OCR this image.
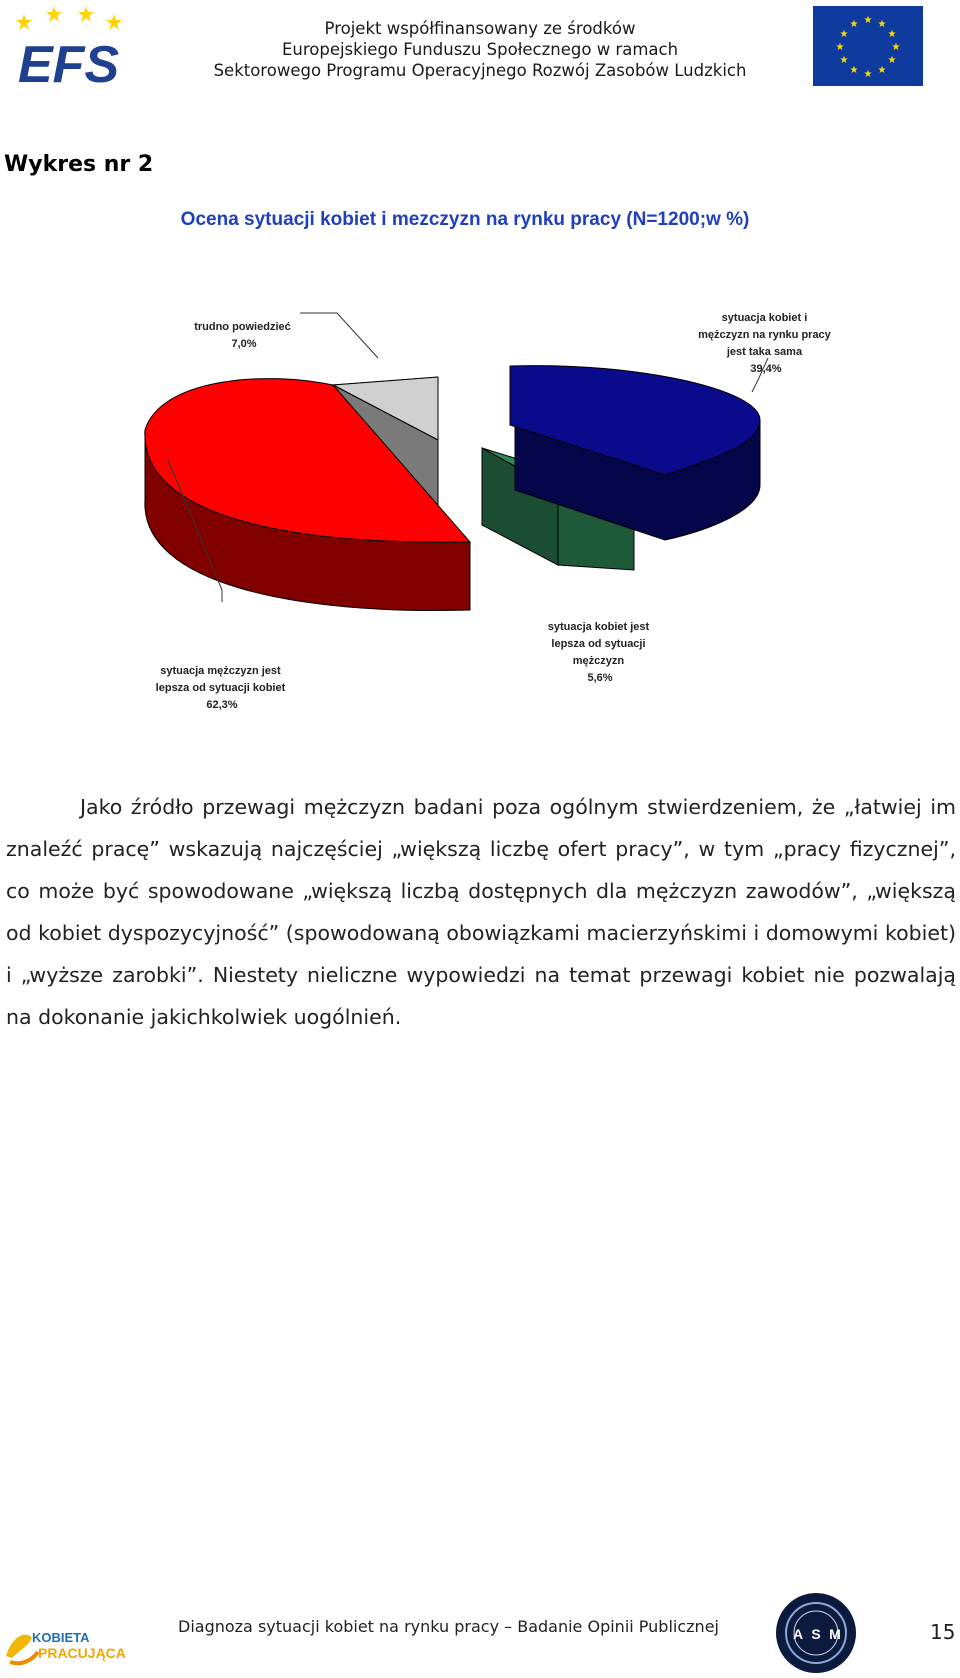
EFS
Projekt współfinansowany ze środków
Europejskiego Funduszu Społecznego w ramach
Sektorowego Programu Operacyjnego Rozwój Zasobów Ludzkich
★ ★
★
★
★
★
★
★
★
★
★
★
Wykres nr 2
Ocena sytuacji kobiet i mezczyzn na rynku pracy (N=1200;w %)
trudno powiedzieć 7,0%
sytuacja kobiet i mężczyzn na rynku pracy jest taka sama 39,4%
sytuacja kobiet jest lepsza od sytuacji mężczyzn 5,6%
sytuacja mężczyzn jest lepsza od sytuacji kobiet 62,3%
Jako źródło przewagi mężczyzn badani poza ogólnym stwierdzeniem, że „łatwiej im znaleźć pracę” wskazują najczęściej „większą liczbę ofert pracy”, w tym „pracy fizycznej”, co może być spowodowane „większą liczbą dostępnych dla mężczyzn zawodów”, „większą od kobiet dyspozycyjność” (spowodowaną obowiązkami macierzyńskimi i domowymi kobiet) i „wyższe zarobki”. Niestety nieliczne wypowiedzi na temat przewagi kobiet nie pozwalają na dokonanie jakichkolwiek uogólnień.
KOBIETA
PRACUJĄCA
Diagnoza sytuacji kobiet na rynku pracy – Badanie Opinii Publicznej	A S M	15
